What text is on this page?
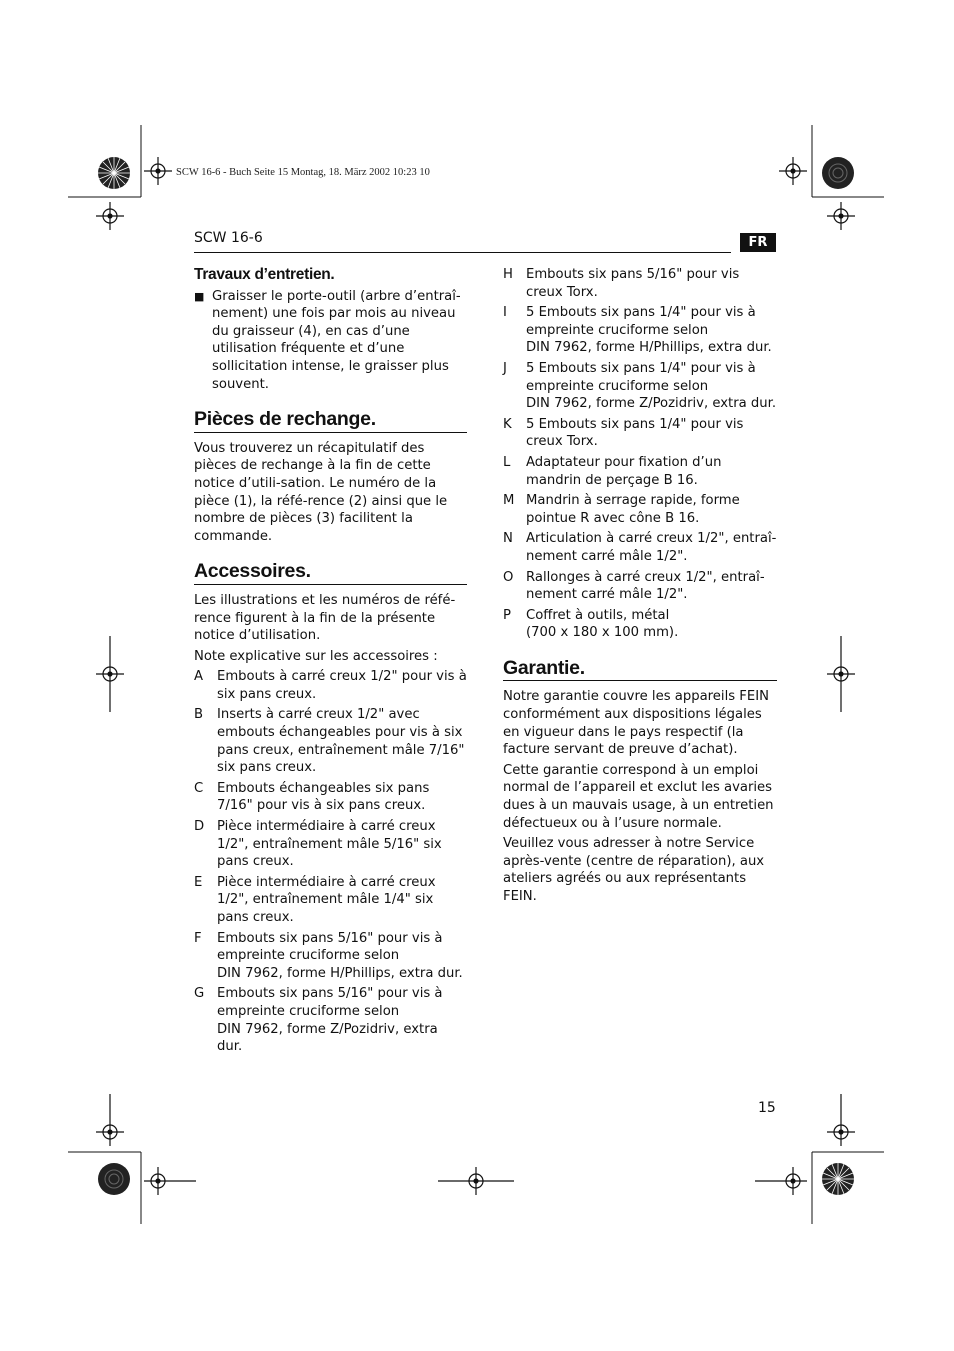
SCW 16-6 - Buch Seite 15 Montag, 18. März 2002 10:23 10
SCW 16-6	FR
Travaux d’entretien.
■ Graisser le porte-outil (arbre d’entraî-nement) une fois par mois au niveau du graisseur (4), en cas d’une utilisation fréquente et d’une sollicitation intense, le graisser plus souvent.
Pièces de rechange.

Vous trouverez un récapitulatif des pièces de rechange à la fin de cette notice d’utili-sation. Le numéro de la pièce (1), la réfé-rence (2) ainsi que le nombre de pièces (3) facilitent la commande.

Accessoires.

Les illustrations et les numéros de réfé-rence figurent à la fin de la présente notice d’utilisation.

Note explicative sur les accessoires :

A	Embouts à carré creux 1/2" pour vis à six pans creux.
B	Inserts à carré creux 1/2" avec embouts échangeables pour vis à six pans creux, entraînement mâle 7/16" six pans creux.
C	Embouts échangeables six pans 7/16" pour vis à six pans creux.
D Pièce intermédiaire à carré creux 1/2", entraînement mâle 5/16" six pans creux.
E	Pièce intermédiaire à carré creux 1/2", entraînement mâle 1/4" six pans creux.
F	Embouts six pans 5/16" pour vis à empreinte cruciforme selon
DIN 7962, forme H/Phillips, extra dur.
G Embouts six pans 5/16" pour vis à empreinte cruciforme selon
DIN 7962, forme Z/Pozidriv, extra dur.
H Embouts six pans 5/16" pour vis creux Torx.
I	5 Embouts six pans 1/4" pour vis à empreinte cruciforme selon
DIN 7962, forme H/Phillips, extra dur.
J	5 Embouts six pans 1/4" pour vis à empreinte cruciforme selon
DIN 7962, forme Z/Pozidriv, extra dur.
K	5 Embouts six pans 1/4" pour vis creux Torx.
L	Adaptateur pour fixation d’un mandrin de perçage B 16.
M Mandrin à serrage rapide, forme pointue R avec cône B 16.
N Articulation à carré creux 1/2", entraî-nement carré mâle 1/2".
O Rallonges à carré creux 1/2", entraî-nement carré mâle 1/2".
P	Coffret à outils, métal
(700 x 180 x 100 mm).
Garantie.

Notre garantie couvre les appareils FEIN conformément aux dispositions légales en vigueur dans le pays respectif (la facture servant de preuve d’achat).

Cette garantie correspond à un emploi normal de l’appareil et exclut les avaries dues à un mauvais usage, à un entretien défectueux ou à l’usure normale.

Veuillez vous adresser à notre Service après-vente (centre de réparation), aux ateliers agréés ou aux représentants FEIN.

15
